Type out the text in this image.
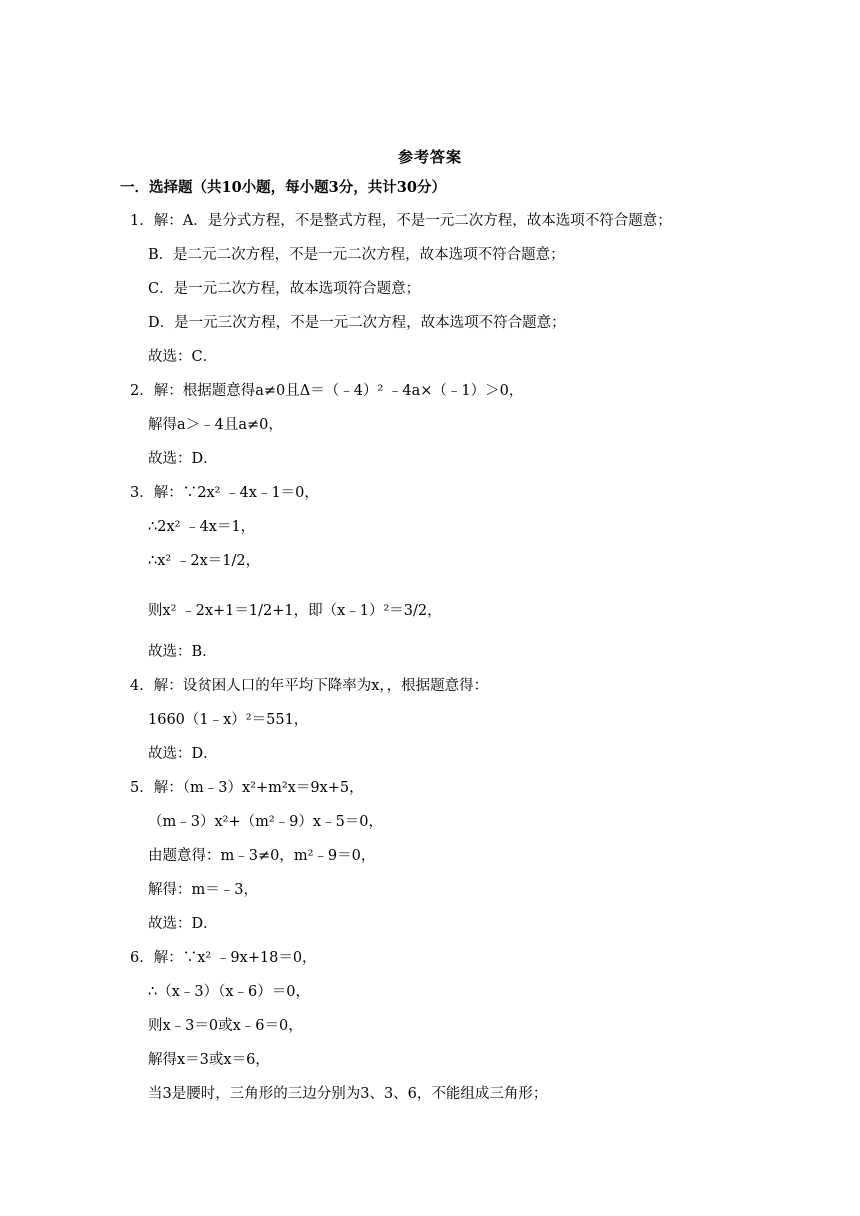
参考答案
一．选择题（共10小题，每小题3分，共计30分）
1．解：A．是分式方程，不是整式方程，不是一元二次方程，故本选项不符合题意；
B．是二元二次方程，不是一元二次方程，故本选项不符合题意；
C．是一元二次方程，故本选项符合题意；
D．是一元三次方程，不是一元二次方程，故本选项不符合题意；
故选：C．
2．解：根据题意得a≠0且Δ＝（﹣4）² ﹣4a×（﹣1）＞0，
解得a＞﹣4且a≠0，
故选：D．
3．解：∵2x² ﹣4x﹣1＝0，
∴2x² ﹣4x＝1，
∴x² ﹣2x＝1/2，
则x² ﹣2x+1＝1/2+1，即（x﹣1）²＝3/2，
故选：B．
4．解：设贫困人口的年平均下降率为x，，根据题意得：
1660（1﹣x）²＝551，
故选：D．
5．解：（m﹣3）x²+m²x＝9x+5，
（m﹣3）x²+（m²﹣9）x﹣5＝0，
由题意得：m﹣3≠0，m²﹣9＝0，
解得：m＝﹣3，
故选：D．
6．解：∵x² ﹣9x+18＝0，
∴（x﹣3）（x﹣6）＝0，
则x﹣3＝0或x﹣6＝0，
解得x＝3或x＝6，
当3是腰时，三角形的三边分别为3、3、6，不能组成三角形；
